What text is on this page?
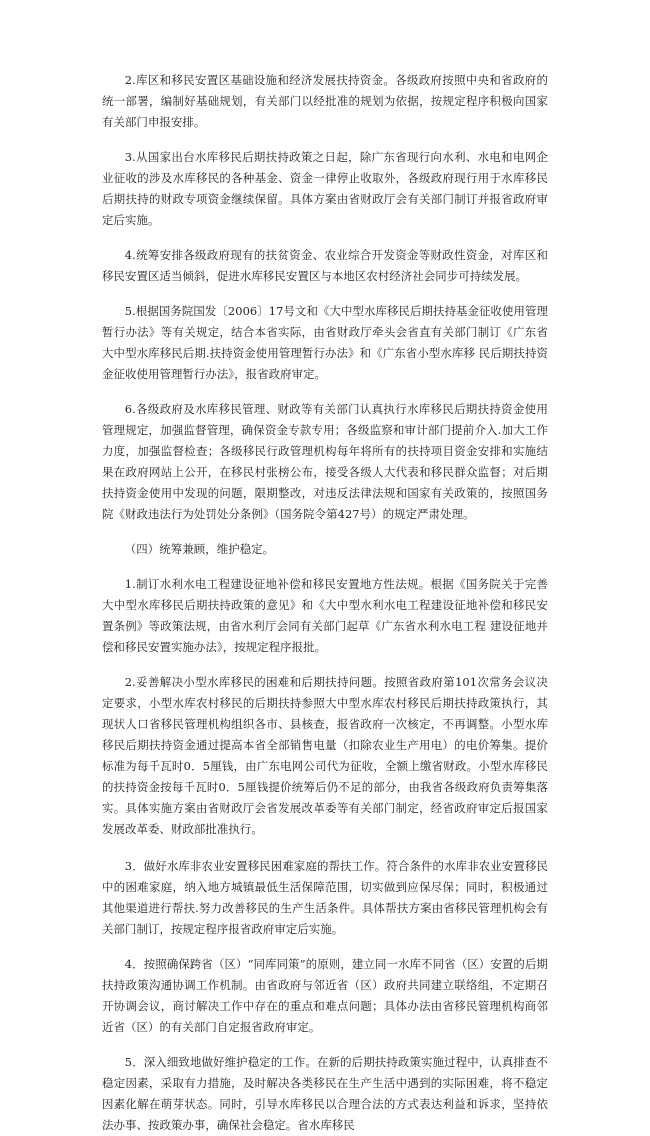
2.库区和移民安置区基础设施和经济发展扶持资金。各级政府按照中央和省政府的统一部署，编制好基础规划，有关部门以经批准的规划为依据，按规定程序积极向国家有关部门申报安排。

3.从国家出台水库移民后期扶持政策之日起，除广东省现行向水利、水电和电网企业征收的涉及水库移民的各种基金、资金一律停止收取外，各级政府现行用于水库移民后期扶持的财政专项资金继续保留。具体方案由省财政厅会有关部门制订并报省政府审定后实施。

4.统筹安排各级政府现有的扶贫资金、农业综合开发资金等财政性资金，对库区和移民安置区适当倾斜，促进水库移民安置区与本地区农村经济社会同步可持续发展。

5.根据国务院国发〔2006〕17号文和《大中型水库移民后期扶持基金征收使用管理暂行办法》等有关规定，结合本省实际，由省财政厅牵头会省直有关部门制订《广东省大中型水库移民后期.扶持资金使用管理暂行办法》和《广东省小型水库移 民后期扶持资金征收使用管理暂行办法》，报省政府审定。

6.各级政府及水库移民管理、财政等有关部门认真执行水库移民后期扶持资金使用管理规定，加强监督管理，确保资金专款专用；各级监察和审计部门提前介入.加大工作力度，加强监督检查；各级移民行政管理机构每年将所有的扶持项目资金安排和实施结果在政府网站上公开，在移民村张榜公布，接受各级人大代表和移民群众监督；对后期扶持资金使用中发现的问题，限期整改，对违反法律法规和国家有关政策的，按照国务院《财政违法行为处罚处分条例》（国务院令第427号）的规定严肃处理。

（四）统筹兼顾，维护稳定。

1.制订水利水电工程建设征地补偿和移民安置地方性法规。根据《国务院关于完善大中型水库移民后期扶持政策的意见》和《大中型水利水电工程建设征地补偿和移民安置条例》等政策法规，由省水利厅会同有关部门起草《广东省水利水电工程 建设征地并偿和移民安置实施办法》，按规定程序报批。

2.妥善解决小型水库移民的困难和后期扶持问题。按照省政府第101次常务会议决定要求，小型水库农村移民的后期扶持参照大中型水库农村移民后期扶持政策执行，其现状人口省移民管理机构组织各市、县核查，报省政府一次核定，不再调整。小型水库移民后期扶持资金通过提高本省全部销售电量（扣除农业生产用电）的电价筹集。提价标准为每千瓦时0．5厘钱，由广东电网公司代为征收，全额上缴省财政。小型水库移民的扶持资金按每千瓦时0．5厘钱提价统筹后仍不足的部分，由我省各级政府负责筹集落实。具体实施方案由省财政厅会省发展改革委等有关部门制定，经省政府审定后报国家发展改革委、财政部批准执行。

3．做好水库非农业安置移民困难家庭的帮扶工作。符合条件的水库非农业安置移民中的困难家庭，纳入地方城镇最低生活保障范围，切实做到应保尽保；同时，积极通过其他渠道进行帮扶.努力改善移民的生产生活条件。具体帮扶方案由省移民管理机构会有关部门制订，按规定程序报省政府审定后实施。

4．按照确保跨省（区）“同库同策”的原则，建立同一水库不同省（区）安置的后期扶持政策沟通协调工作机制。由省政府与邻近省（区）政府共同建立联络组，不定期召开协调会议，商讨解决工作中存在的重点和难点问题；具体办法由省移民管理机构商邻近省（区）的有关部门自定报省政府审定。

5．深入细致地做好维护稳定的工作。在新的后期扶持政策实施过程中，认真排查不稳定因素，采取有力措施，及时解决各类移民在生产生活中遇到的实际困难，将不稳定因素化解在萌芽状态。同时，引导水库移民以合理合法的方式表达利益和诉求，坚持依法办事、按政策办事，确保社会稳定。省水库移民
